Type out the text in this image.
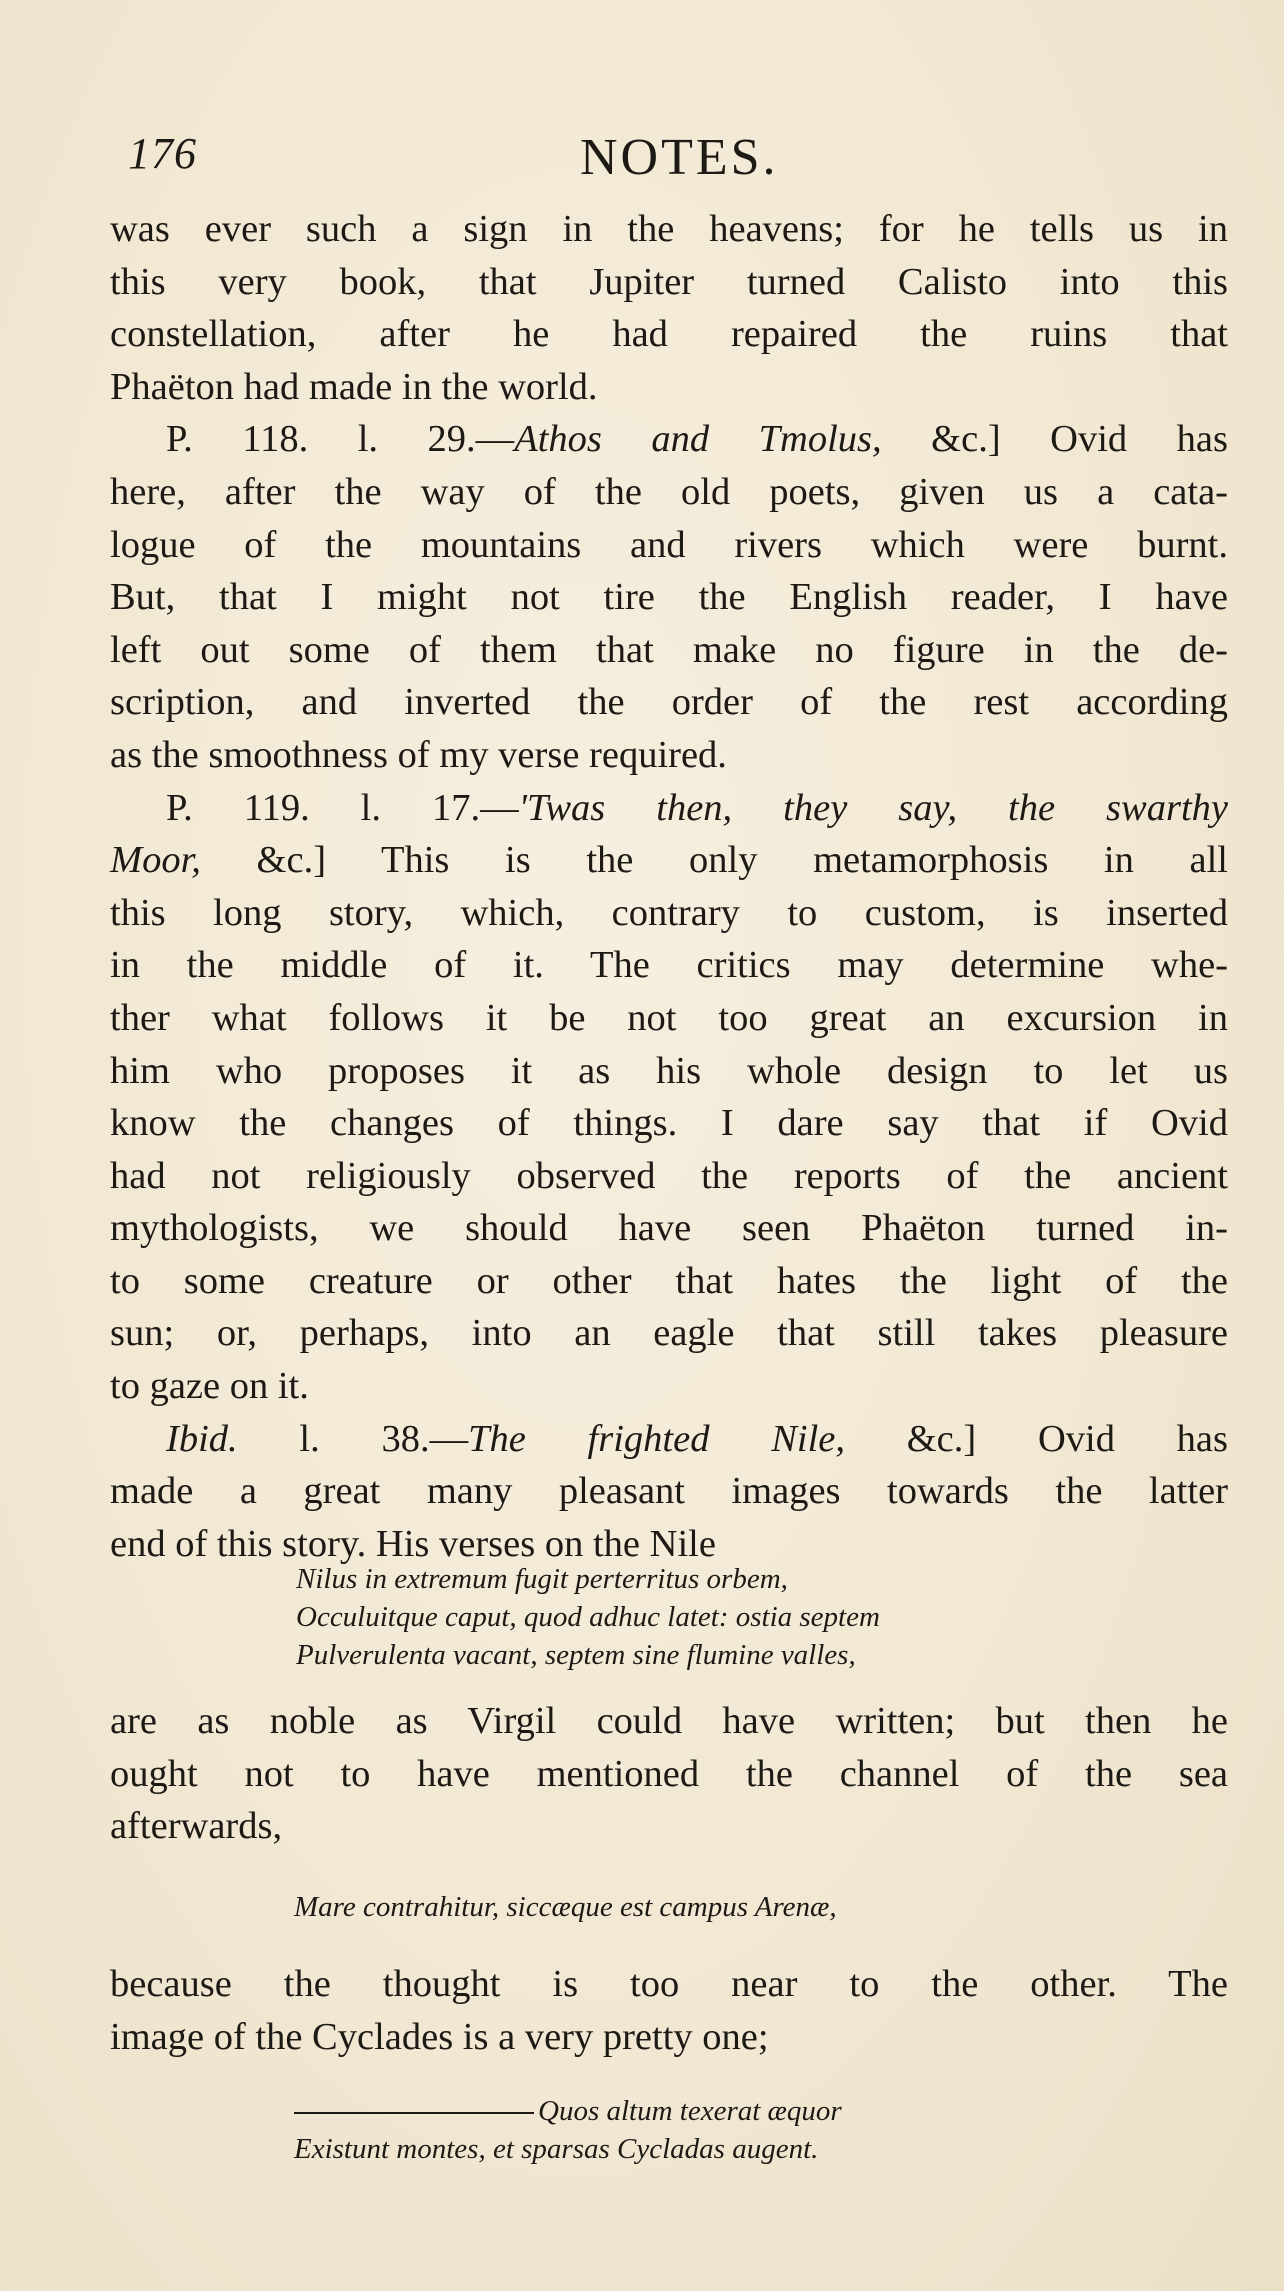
176	NOTES.
was ever such a sign in the heavens; for he tells us in
this very book, that Jupiter turned Calisto into this
constellation, after he had repaired the ruins that
Phaëton had made in the world.
P. 118. l. 29.—Athos and Tmolus, &c.] Ovid has
here, after the way of the old poets, given us a cata-
logue of the mountains and rivers which were burnt.
But, that I might not tire the English reader, I have
left out some of them that make no figure in the de-
scription, and inverted the order of the rest according
as the smoothness of my verse required.
P. 119. l. 17.—'Twas then, they say, the swarthy
Moor, &c.] This is the only metamorphosis in all
this long story, which, contrary to custom, is inserted
in the middle of it. The critics may determine whe-
ther what follows it be not too great an excursion in
him who proposes it as his whole design to let us
know the changes of things. I dare say that if Ovid
had not religiously observed the reports of the ancient
mythologists, we should have seen Phaëton turned in-
to some creature or other that hates the light of the
sun; or, perhaps, into an eagle that still takes pleasure
to gaze on it.
Ibid. l. 38.—The frighted Nile, &c.] Ovid has
made a great many pleasant images towards the latter
end of this story. His verses on the Nile
Nilus in extremum fugit perterritus orbem,
Occuluitque caput, quod adhuc latet: ostia septem
Pulverulenta vacant, septem sine flumine valles,
are as noble as Virgil could have written; but then he
ought not to have mentioned the channel of the sea
afterwards,
Mare contrahitur, siccæque est campus Arenæ,
because the thought is too near to the other. The
image of the Cyclades is a very pretty one;
Quos altum texerat æquor
Existunt montes, et sparsas Cycladas augent.
